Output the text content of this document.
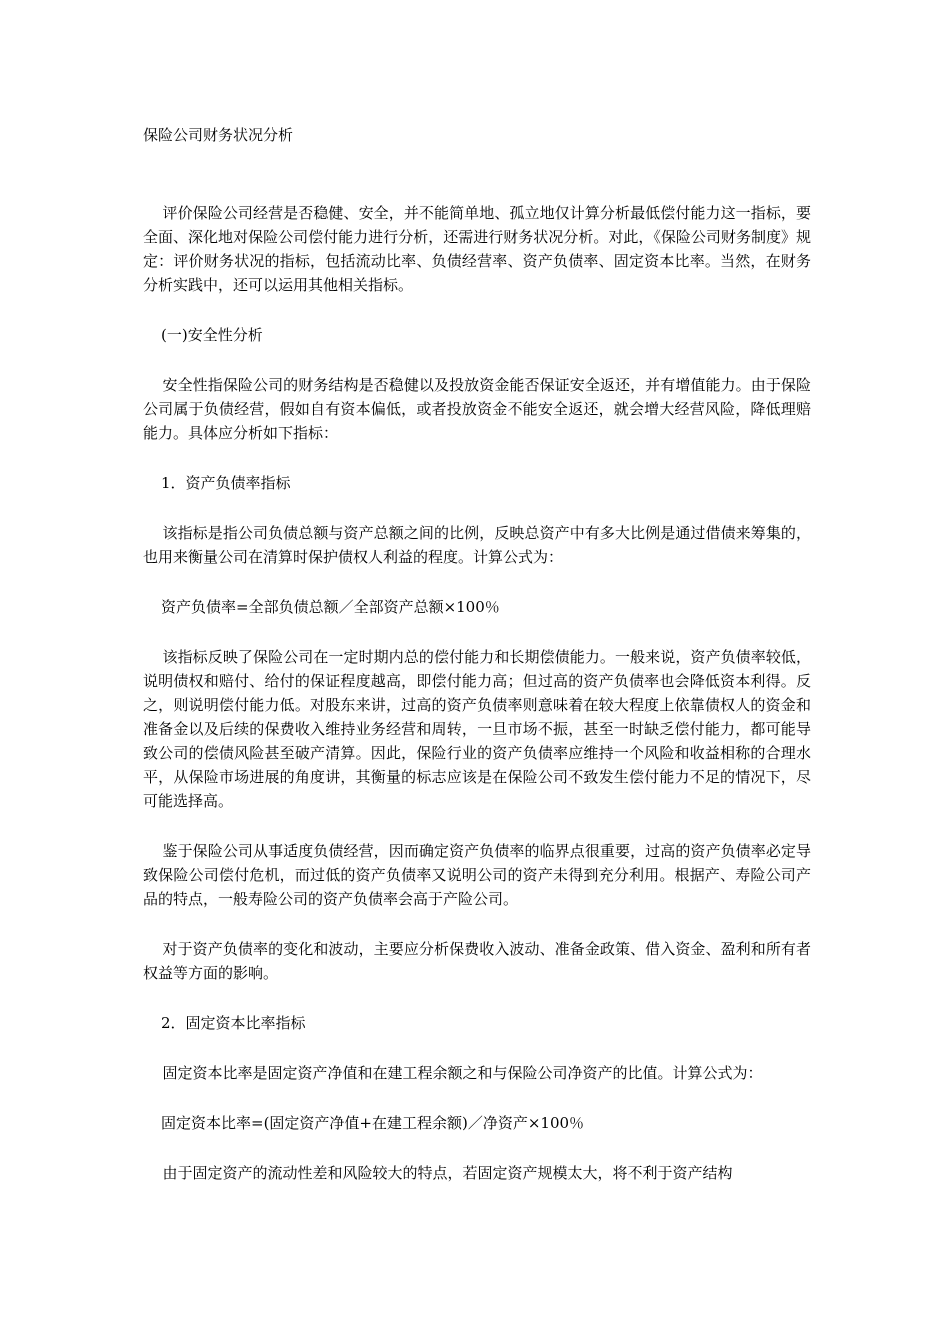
保险公司财务状况分析

评价保险公司经营是否稳健、安全，并不能简单地、孤立地仅计算分析最低偿付能力这一指标，要全面、深化地对保险公司偿付能力进行分析，还需进行财务状况分析。对此，《保险公司财务制度》规定：评价财务状况的指标，包括流动比率、负债经营率、资产负债率、固定资本比率。当然，在财务分析实践中，还可以运用其他相关指标。

(一)安全性分析

安全性指保险公司的财务结构是否稳健以及投放资金能否保证安全返还，并有增值能力。由于保险公司属于负债经营，假如自有资本偏低，或者投放资金不能安全返还，就会增大经营风险，降低理赔能力。具体应分析如下指标：

1．资产负债率指标

该指标是指公司负债总额与资产总额之间的比例，反映总资产中有多大比例是通过借债来筹集的，也用来衡量公司在清算时保护债权人利益的程度。计算公式为：

资产负债率=全部负债总额／全部资产总额×100％

该指标反映了保险公司在一定时期内总的偿付能力和长期偿债能力。一般来说，资产负债率较低，说明债权和赔付、给付的保证程度越高，即偿付能力高；但过高的资产负债率也会降低资本利得。反之，则说明偿付能力低。对股东来讲，过高的资产负债率则意味着在较大程度上依靠债权人的资金和准备金以及后续的保费收入维持业务经营和周转，一旦市场不振，甚至一时缺乏偿付能力，都可能导致公司的偿债风险甚至破产清算。因此，保险行业的资产负债率应维持一个风险和收益相称的合理水平，从保险市场进展的角度讲，其衡量的标志应该是在保险公司不致发生偿付能力不足的情况下，尽可能选择高。

鉴于保险公司从事适度负债经营，因而确定资产负债率的临界点很重要，过高的资产负债率必定导致保险公司偿付危机，而过低的资产负债率又说明公司的资产未得到充分利用。根据产、寿险公司产品的特点，一般寿险公司的资产负债率会高于产险公司。

对于资产负债率的变化和波动，主要应分析保费收入波动、准备金政策、借入资金、盈利和所有者权益等方面的影响。

2．固定资本比率指标

固定资本比率是固定资产净值和在建工程余额之和与保险公司净资产的比值。计算公式为：

固定资本比率=(固定资产净值+在建工程余额)／净资产×100％

由于固定资产的流动性差和风险较大的特点，若固定资产规模太大，将不利于资产结构
